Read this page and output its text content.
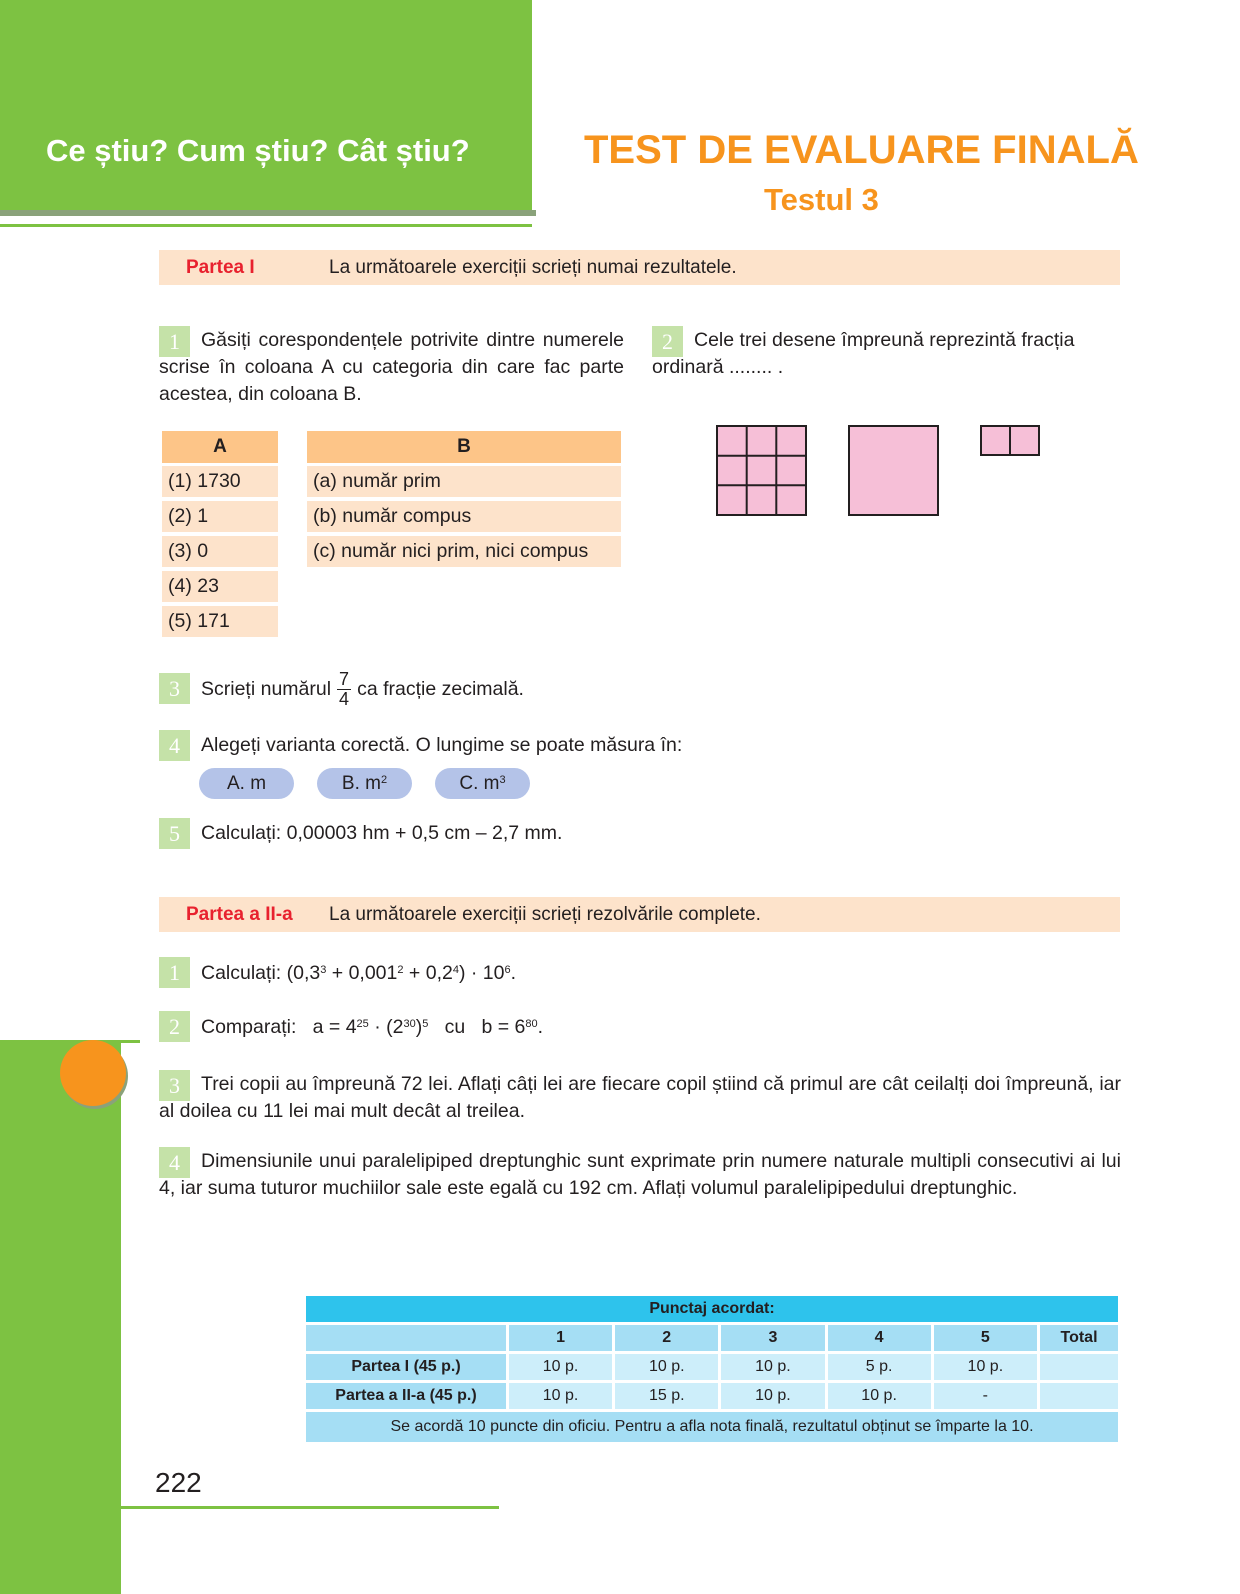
Ce știu? Cum știu? Cât știu?	TEST DE EVALUARE FINALĂ
Testul 3
Partea I	La următoarele exerciții scrieți numai rezultatele.
1	Găsiți corespondențele potrivite dintre numerele scrise în coloana A cu categoria din care fac parte acestea, din coloana B.
A
(1) 1730
(2) 1
(3) 0
(4) 23
(5) 171
B
(a) număr prim
(b) număr compus
(c) număr nici prim, nici compus
2	Cele trei desene împreună reprezintă fracția ordinară ........ .
3	Scrieți numărul $\frac{7}{4}$ ca fracție zecimală.
4	Alegeți varianta corectă. O lungime se poate măsura în:
A. m	B. $m^2$	C. $m^3$
5	Calculați: 0,00003 hm + 0,5 cm – 2,7 mm.
Partea a II-a La următoarele exerciții scrieți rezolvările complete.
1	Calculați: $(0,3^3 + 0,001^2 + 0,2^4) \cdot 10^6$.
2	Comparați:   $a = 4^{25} \cdot (2^{30})^5$   cu   $b = 6^{80}$.
3	Trei copii au împreună 72 lei. Aflați câți lei are fiecare copil știind că primul are cât ceilalți doi împreună, iar al doilea cu 11 lei mai mult decât al treilea.
4	Dimensiunile unui paralelipiped dreptunghic sunt exprimate prin numere naturale multipli consecutivi ai lui 4, iar suma tuturor muchiilor sale este egală cu 192 cm. Aflați volumul paralelipipedului dreptunghic.
Punctaj acordat:						
	1	2	3	4	5	Total
Partea I (45 p.)	10 p.	10 p.	10 p.	5 p.	10 p.	
Partea a II-a (45 p.)	10 p.	15 p.	10 p.	10 p.	-	
Se acordă 10 puncte din oficiu. Pentru a afla nota finală, rezultatul obținut se împarte la 10.						
222
